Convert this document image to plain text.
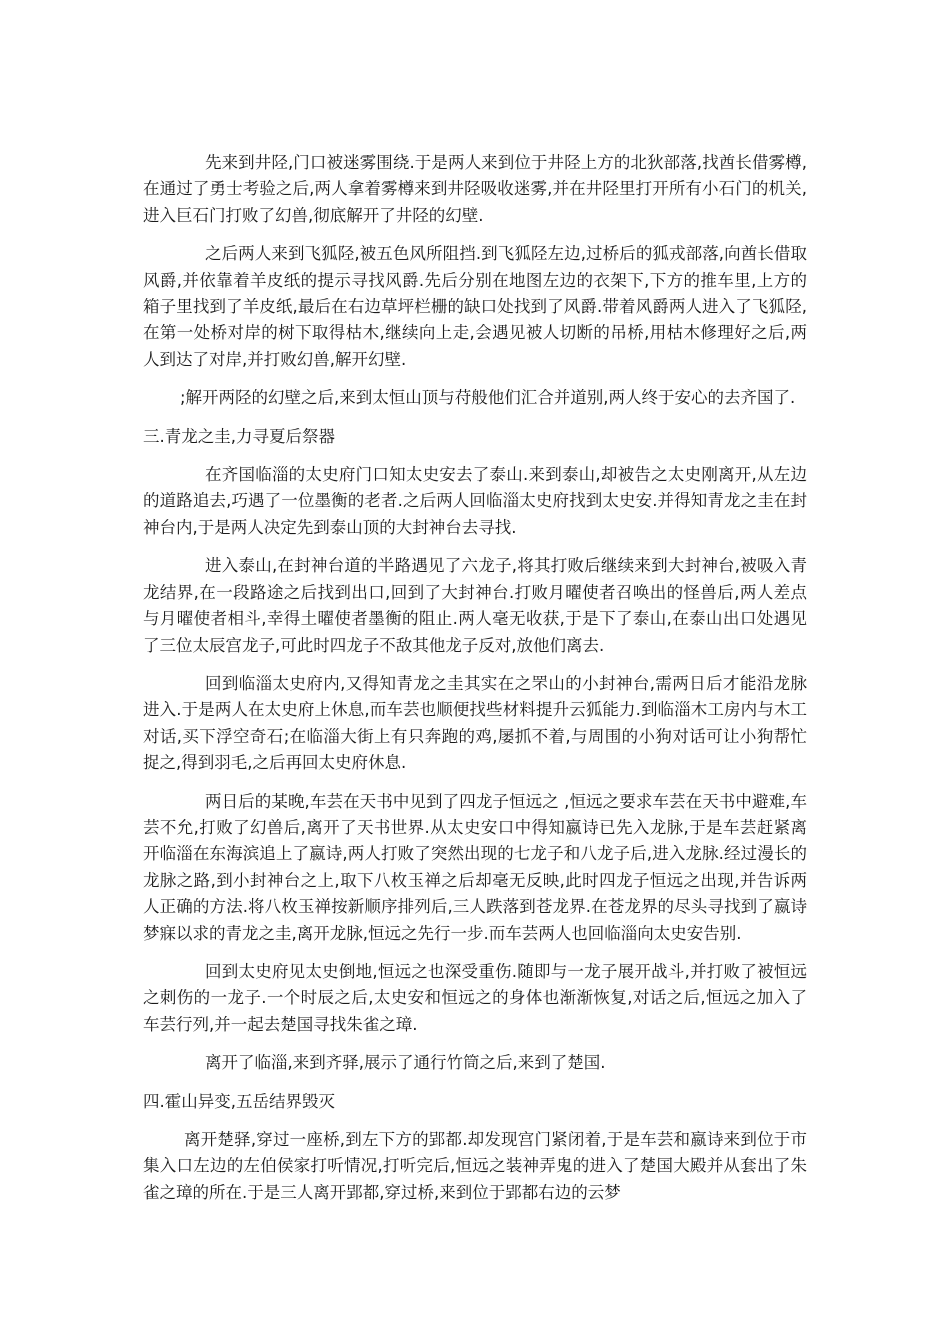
先来到井陉,门口被迷雾围绕.于是两人来到位于井陉上方的北狄部落,找酋长借雾樽,在通过了勇士考验之后,两人拿着雾樽来到井陉吸收迷雾,并在井陉里打开所有小石门的机关,进入巨石门打败了幻兽,彻底解开了井陉的幻壁.

之后两人来到飞狐陉,被五色风所阻挡.到飞狐陉左边,过桥后的狐戎部落,向酋长借取风爵,并依靠着羊皮纸的提示寻找风爵.先后分别在地图左边的衣架下,下方的推车里,上方的箱子里找到了羊皮纸,最后在右边草坪栏栅的缺口处找到了风爵.带着风爵两人进入了飞狐陉,在第一处桥对岸的树下取得枯木,继续向上走,会遇见被人切断的吊桥,用枯木修理好之后,两人到达了对岸,并打败幻兽,解开幻壁.

;解开两陉的幻壁之后,来到太恒山顶与苻般他们汇合并道别,两人终于安心的去齐国了.

三.青龙之圭,力寻夏后祭器

在齐国临淄的太史府门口知太史安去了泰山.来到泰山,却被告之太史刚离开,从左边的道路追去,巧遇了一位墨衡的老者.之后两人回临淄太史府找到太史安.并得知青龙之圭在封神台内,于是两人决定先到泰山顶的大封神台去寻找.

进入泰山,在封神台道的半路遇见了六龙子,将其打败后继续来到大封神台,被吸入青龙结界,在一段路途之后找到出口,回到了大封神台.打败月曜使者召唤出的怪兽后,两人差点与月曜使者相斗,幸得土曜使者墨衡的阻止.两人毫无收获,于是下了泰山,在泰山出口处遇见了三位太辰宫龙子,可此时四龙子不敌其他龙子反对,放他们离去.

回到临淄太史府内,又得知青龙之圭其实在之罘山的小封神台,需两日后才能沿龙脉进入.于是两人在太史府上休息,而车芸也顺便找些材料提升云狐能力.到临淄木工房内与木工对话,买下浮空奇石;在临淄大街上有只奔跑的鸡,屡抓不着,与周围的小狗对话可让小狗帮忙捉之,得到羽毛,之后再回太史府休息.

两日后的某晚,车芸在天书中见到了四龙子恒远之 ,恒远之要求车芸在天书中避难,车芸不允,打败了幻兽后,离开了天书世界.从太史安口中得知嬴诗已先入龙脉,于是车芸赶紧离开临淄在东海滨追上了嬴诗,两人打败了突然出现的七龙子和八龙子后,进入龙脉.经过漫长的龙脉之路,到小封神台之上,取下八枚玉禅之后却毫无反映,此时四龙子恒远之出现,并告诉两人正确的方法.将八枚玉禅按新顺序排列后,三人跌落到苍龙界.在苍龙界的尽头寻找到了嬴诗梦寐以求的青龙之圭,离开龙脉,恒远之先行一步.而车芸两人也回临淄向太史安告别.

回到太史府见太史倒地,恒远之也深受重伤.随即与一龙子展开战斗,并打败了被恒远之刺伤的一龙子.一个时辰之后,太史安和恒远之的身体也渐渐恢复,对话之后,恒远之加入了车芸行列,并一起去楚国寻找朱雀之璋.

离开了临淄,来到齐驿,展示了通行竹筒之后,来到了楚国.

四.霍山异变,五岳结界毁灭

离开楚驿,穿过一座桥,到左下方的郢都.却发现宫门紧闭着,于是车芸和嬴诗来到位于市集入口左边的左伯侯家打听情况,打听完后,恒远之装神弄鬼的进入了楚国大殿并从套出了朱雀之璋的所在.于是三人离开郢都,穿过桥,来到位于郢都右边的云梦
